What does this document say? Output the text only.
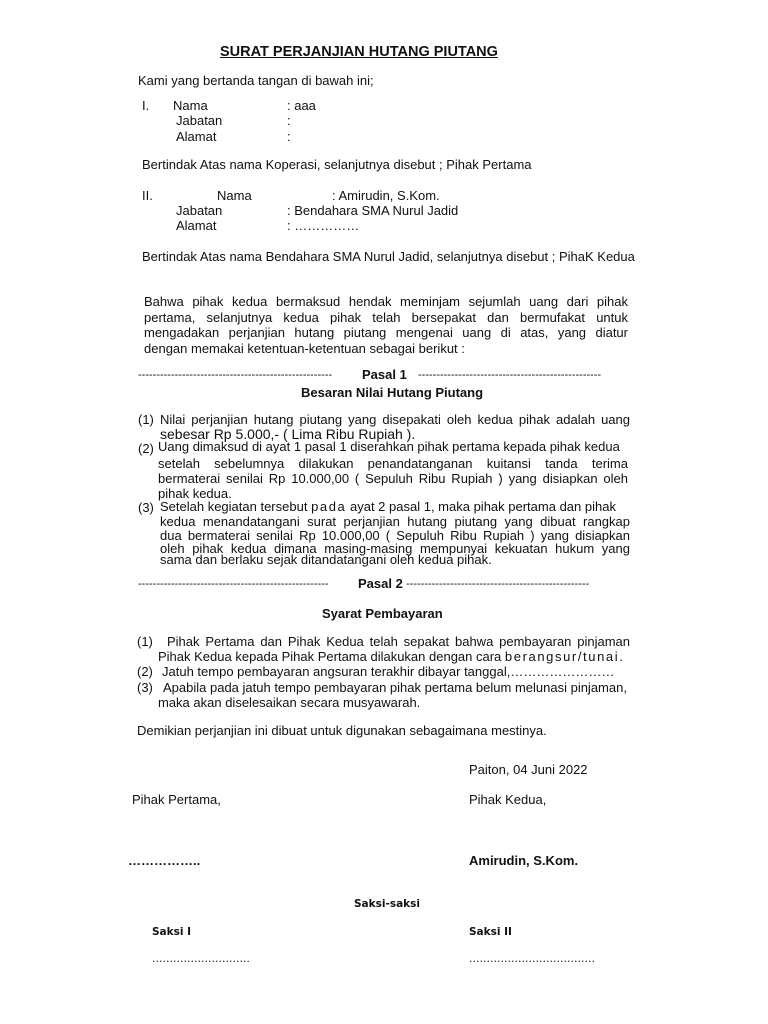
SURAT PERJANJIAN HUTANG PIUTANG
Kami yang bertanda tangan di bawah ini;
I. Nama	: aaa
Jabatan	:
Alamat	:
Bertindak Atas nama Koperasi, selanjutnya disebut ; Pihak Pertama
II.	Nama	: Amirudin, S.Kom.
Jabatan	: Bendahara SMA Nurul Jadid
Alamat	: ……………
Bertindak Atas nama Bendahara SMA Nurul Jadid, selanjutnya disebut ; PihaK Kedua
Bahwa pihak kedua bermaksud hendak meminjam sejumlah uang dari pihak
pertama, selanjutnya kedua pihak telah bersepakat dan bermufakat untuk
mengadakan perjanjian hutang piutang mengenai uang di atas, yang diatur
dengan memakai ketentuan-ketentuan sebagai berikut :
----------------------------------------------------- Pasal 1 --------------------------------------------------
Besaran Nilai Hutang Piutang
(1) Nilai perjanjian hutang piutang yang disepakati oleh kedua pihak adalah uang
sebesar Rp 5.000,- ( Lima Ribu Rupiah ).
(2) Uang dimaksud di ayat 1 pasal 1 diserahkan pihak pertama kepada pihak kedua
setelah sebelumnya dilakukan penandatanganan kuitansi tanda terima
bermaterai senilai Rp 10.000,00 ( Sepuluh Ribu Rupiah ) yang disiapkan oleh
pihak kedua.
(3) Setelah kegiatan tersebut pada ayat 2 pasal 1, maka pihak pertama dan pihak
kedua menandatangani surat perjanjian hutang piutang yang dibuat rangkap
dua bermaterai senilai Rp 10.000,00 ( Sepuluh Ribu Rupiah ) yang disiapkan
oleh pihak kedua dimana masing-masing mempunyai kekuatan hukum yang
sama dan berlaku sejak ditandatangani oleh kedua pihak.
---------------------------------------------------- Pasal 2 --------------------------------------------------
Syarat Pembayaran
(1) Pihak Pertama dan Pihak Kedua telah sepakat bahwa pembayaran pinjaman
Pihak Kedua kepada Pihak Pertama dilakukan dengan cara berangsur/tunai.
(2) Jatuh tempo pembayaran angsuran terakhir dibayar tanggal,……………………
(3) Apabila pada jatuh tempo pembayaran pihak pertama belum melunasi pinjaman,
maka akan diselesaikan secara musyawarah.
Demikian perjanjian ini dibuat untuk digunakan sebagaimana mestinya.
Paiton, 04 Juni 2022
Pihak Pertama,	Pihak Kedua,
……………..	Amirudin, S.Kom.
Saksi-saksi
Saksi I	Saksi II
……………………….	………………………………
